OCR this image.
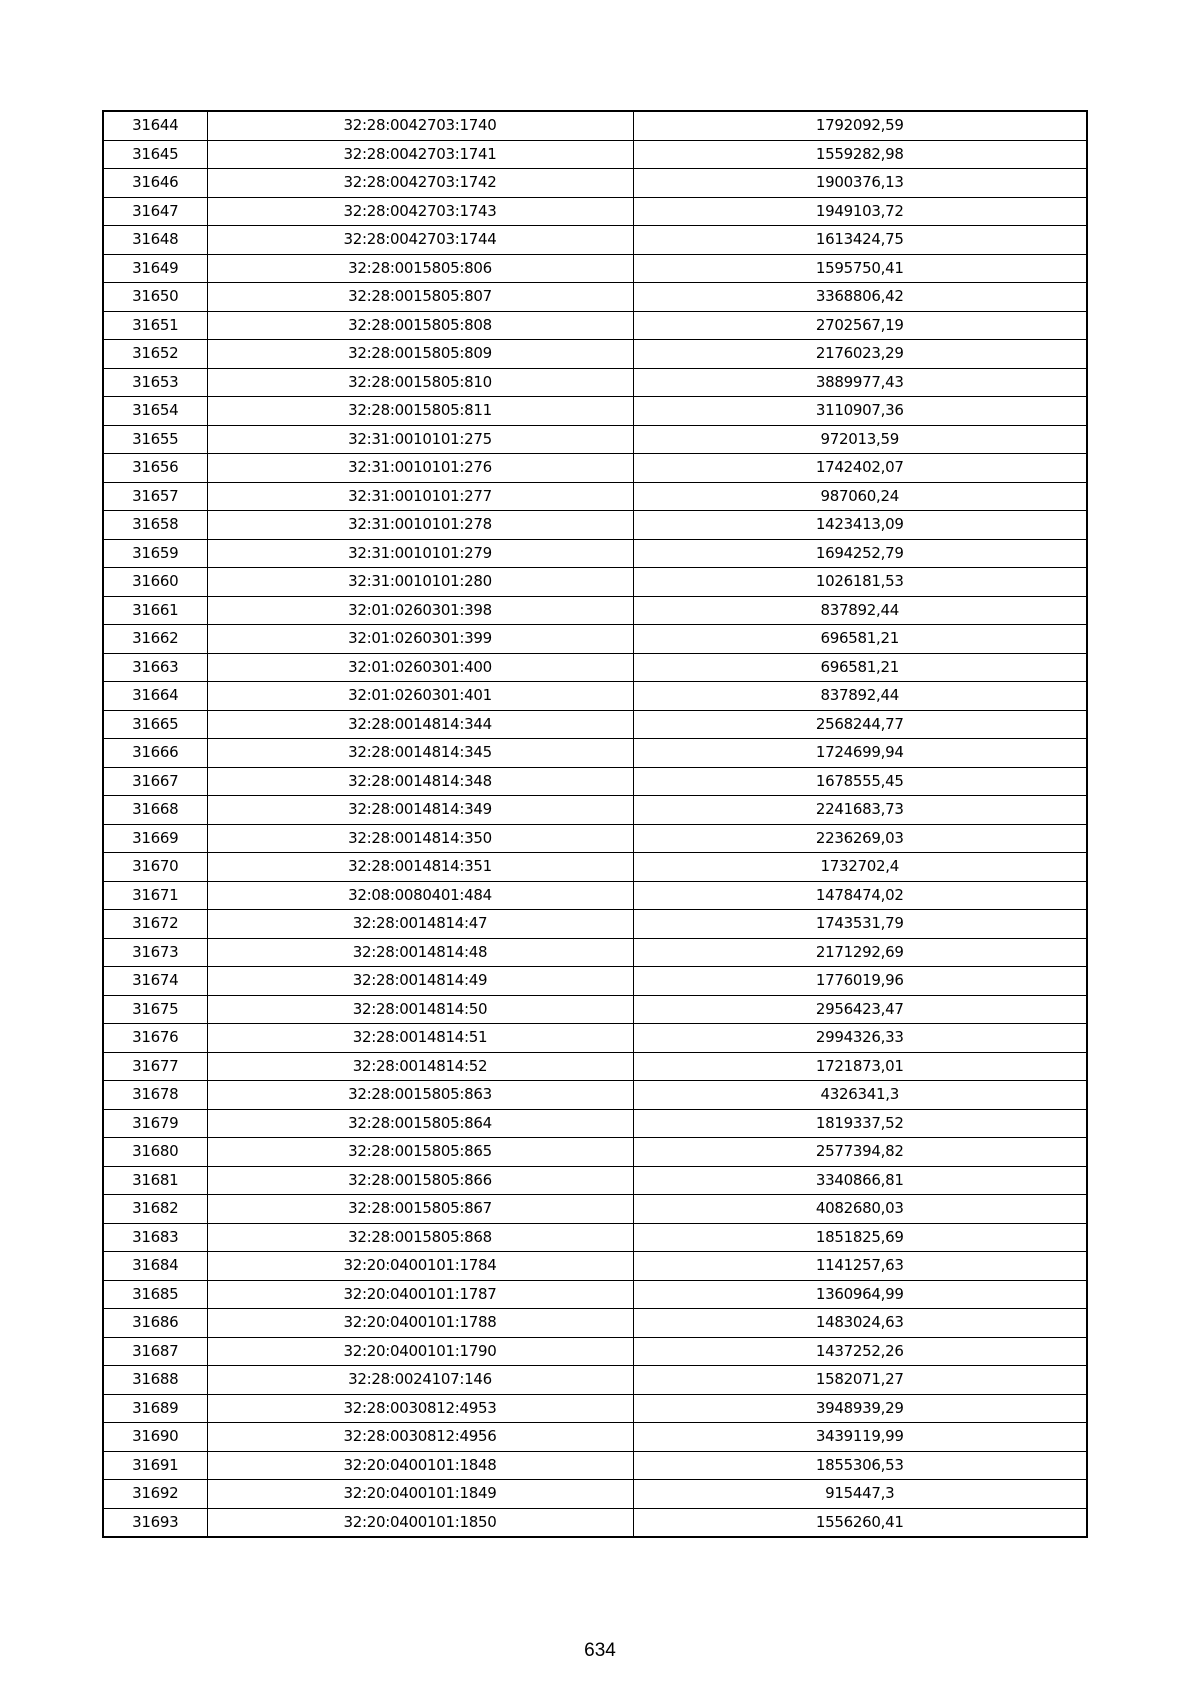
31644	32:28:0042703:1740	1792092,59
31645	32:28:0042703:1741	1559282,98
31646	32:28:0042703:1742	1900376,13
31647	32:28:0042703:1743	1949103,72
31648	32:28:0042703:1744	1613424,75
31649	32:28:0015805:806	1595750,41
31650	32:28:0015805:807	3368806,42
31651	32:28:0015805:808	2702567,19
31652	32:28:0015805:809	2176023,29
31653	32:28:0015805:810	3889977,43
31654	32:28:0015805:811	3110907,36
31655	32:31:0010101:275	972013,59
31656	32:31:0010101:276	1742402,07
31657	32:31:0010101:277	987060,24
31658	32:31:0010101:278	1423413,09
31659	32:31:0010101:279	1694252,79
31660	32:31:0010101:280	1026181,53
31661	32:01:0260301:398	837892,44
31662	32:01:0260301:399	696581,21
31663	32:01:0260301:400	696581,21
31664	32:01:0260301:401	837892,44
31665	32:28:0014814:344	2568244,77
31666	32:28:0014814:345	1724699,94
31667	32:28:0014814:348	1678555,45
31668	32:28:0014814:349	2241683,73
31669	32:28:0014814:350	2236269,03
31670	32:28:0014814:351	1732702,4
31671	32:08:0080401:484	1478474,02
31672	32:28:0014814:47	1743531,79
31673	32:28:0014814:48	2171292,69
31674	32:28:0014814:49	1776019,96
31675	32:28:0014814:50	2956423,47
31676	32:28:0014814:51	2994326,33
31677	32:28:0014814:52	1721873,01
31678	32:28:0015805:863	4326341,3
31679	32:28:0015805:864	1819337,52
31680	32:28:0015805:865	2577394,82
31681	32:28:0015805:866	3340866,81
31682	32:28:0015805:867	4082680,03
31683	32:28:0015805:868	1851825,69
31684	32:20:0400101:1784	1141257,63
31685	32:20:0400101:1787	1360964,99
31686	32:20:0400101:1788	1483024,63
31687	32:20:0400101:1790	1437252,26
31688	32:28:0024107:146	1582071,27
31689	32:28:0030812:4953	3948939,29
31690	32:28:0030812:4956	3439119,99
31691	32:20:0400101:1848	1855306,53
31692	32:20:0400101:1849	915447,3
31693	32:20:0400101:1850	1556260,41
634
